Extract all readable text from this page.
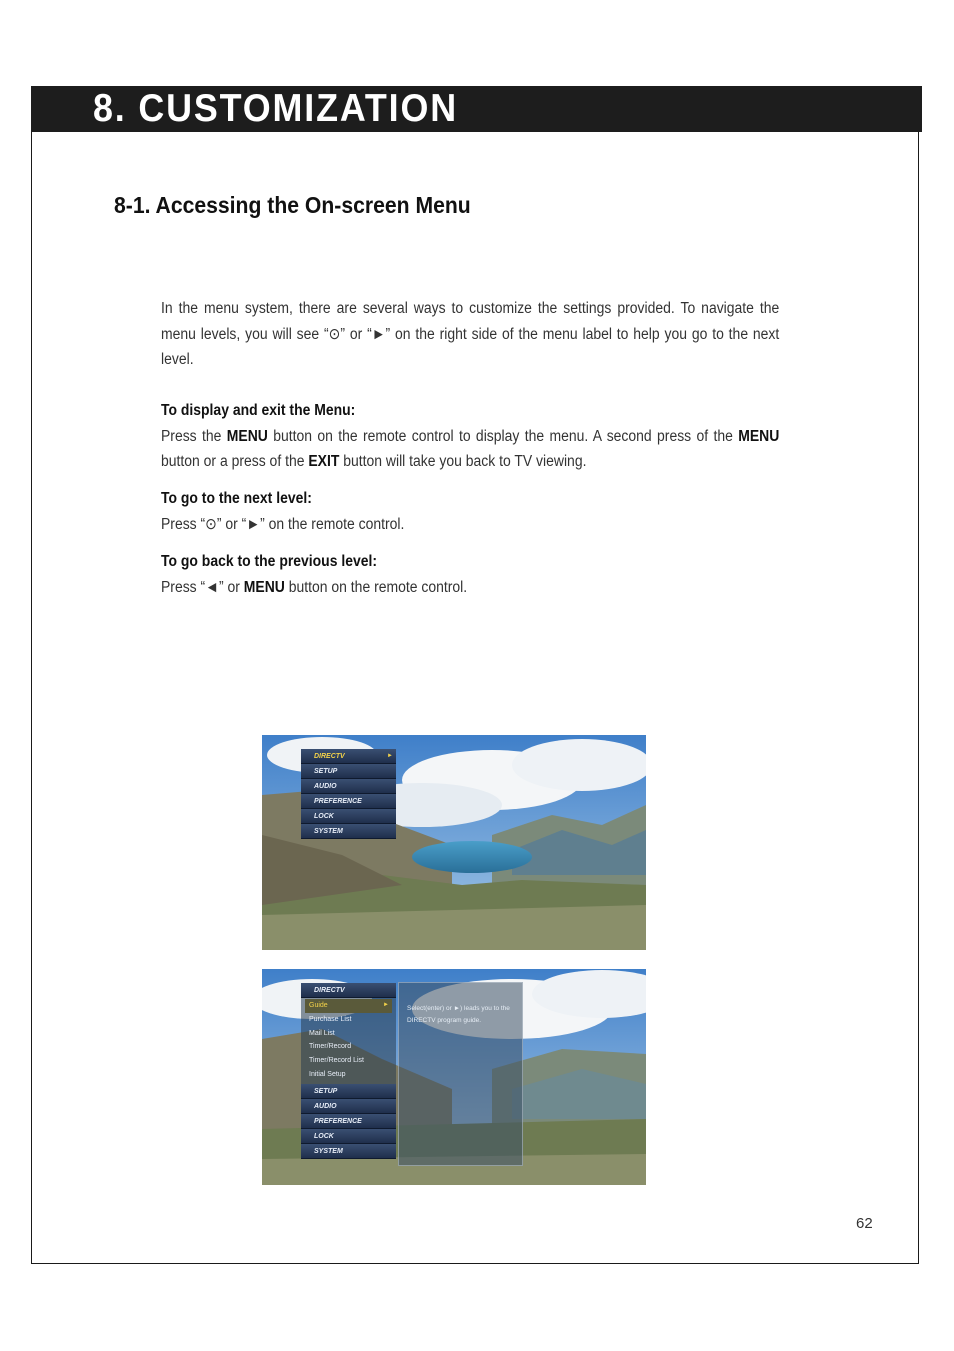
8. CUSTOMIZATION
8-1. Accessing the On-screen Menu

In the menu system, there are several ways to customize the settings provided. To navigate the menu levels, you will see “⊙” or “►” on the right side of the menu label to help you go to the next level.

To display and exit the Menu:

Press the MENU button on the remote control to display the menu. A second press of the MENU button or a press of the EXIT button will take you back to TV viewing.

To go to the next level:

Press “⊙” or “►” on the remote control.

To go back to the previous level:

Press “◄” or MENU button on the remote control.

DIRECTV	►
SETUP
AUDIO
PREFERENCE
LOCK
SYSTEM
DIRECTV
Guide	►
Purchase List
Mail List
Timer/Record
Timer/Record List
Initial Setup
SETUP
AUDIO
PREFERENCE
LOCK
SYSTEM
Select(enter) or ►) leads you to the DIRECTV program guide.
62
